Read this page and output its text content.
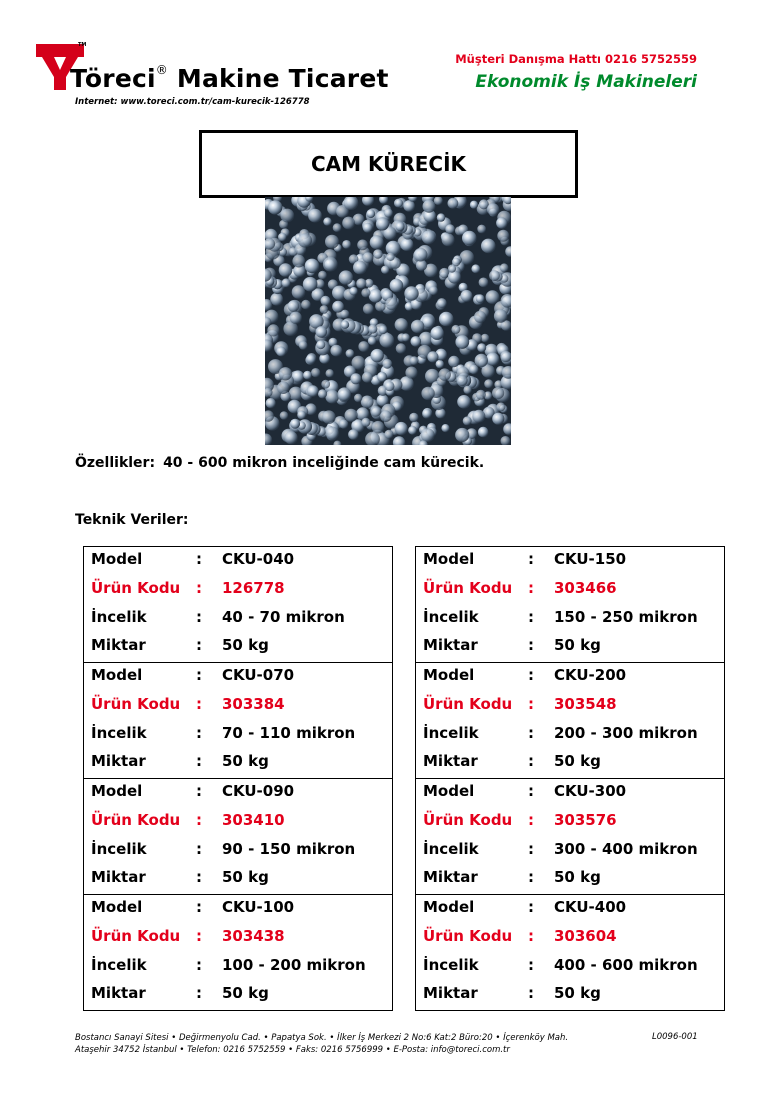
TM
Töreci® Makine Ticaret
Internet: www.toreci.com.tr/cam-kurecik-126778
Müşteri Danışma Hattı 0216 5752559
Ekonomik İş Makineleri
CAM KÜRECİK
Özellikler: 40 - 600 mikron inceliğinde cam kürecik.
Teknik Veriler:
Model	: CKU-040
Ürün Kodu : 126778
İncelik	: 40 - 70 mikron
Miktar	: 50 kg
Model	: CKU-070
Ürün Kodu : 303384
İncelik	: 70 - 110 mikron
Miktar	: 50 kg
Model	: CKU-090
Ürün Kodu : 303410
İncelik	: 90 - 150 mikron
Miktar	: 50 kg
Model	: CKU-100
Ürün Kodu : 303438
İncelik	: 100 - 200 mikron
Miktar	: 50 kg
Model	: CKU-150
Ürün Kodu : 303466
İncelik	: 150 - 250 mikron
Miktar	: 50 kg
Model	: CKU-200
Ürün Kodu : 303548
İncelik	: 200 - 300 mikron
Miktar	: 50 kg
Model	: CKU-300
Ürün Kodu : 303576
İncelik	: 300 - 400 mikron
Miktar	: 50 kg
Model	: CKU-400
Ürün Kodu : 303604
İncelik	: 400 - 600 mikron
Miktar	: 50 kg
Bostancı Sanayi Sitesi • Değirmenyolu Cad. • Papatya Sok. • İlker İş Merkezi 2 No:6 Kat:2 Büro:20 • İçerenköy Mah.
Ataşehir 34752 İstanbul • Telefon: 0216 5752559 • Faks: 0216 5756999 • E-Posta: info@toreci.com.tr
L0096-001
